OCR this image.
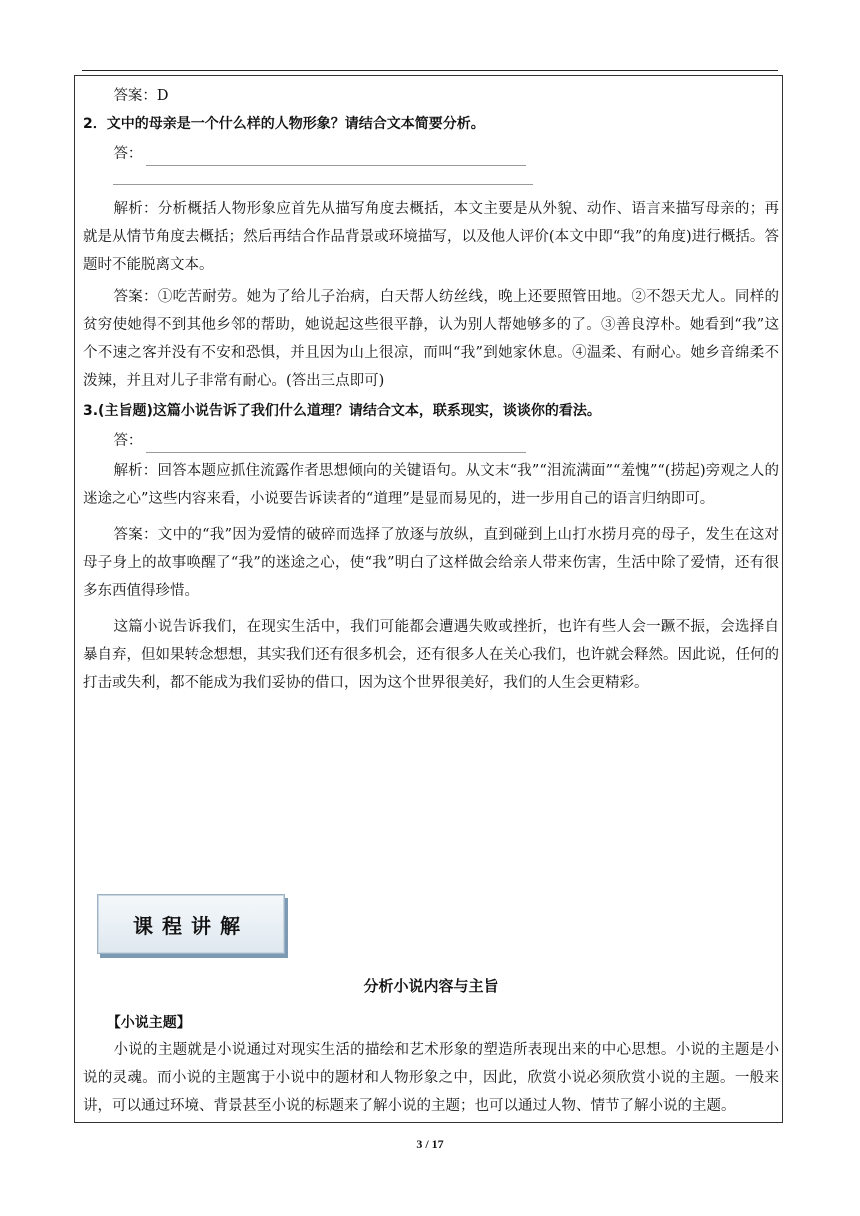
答案：D

2．文中的母亲是一个什么样的人物形象？请结合文本简要分析。

答：

解析：分析概括人物形象应首先从描写角度去概括，本文主要是从外貌、动作、语言来描写母亲的；再就是从情节角度去概括；然后再结合作品背景或环境描写，以及他人评价(本文中即“我”的角度)进行概括。答题时不能脱离文本。

答案：①吃苦耐劳。她为了给儿子治病，白天帮人纺丝线，晚上还要照管田地。②不怨天尤人。同样的贫穷使她得不到其他乡邻的帮助，她说起这些很平静，认为别人帮她够多的了。③善良淳朴。她看到“我”这个不速之客并没有不安和恐惧，并且因为山上很凉，而叫“我”到她家休息。④温柔、有耐心。她乡音绵柔不泼辣，并且对儿子非常有耐心。(答出三点即可)

3.(主旨题)这篇小说告诉了我们什么道理？请结合文本，联系现实，谈谈你的看法。

答：

解析：回答本题应抓住流露作者思想倾向的关键语句。从文末“我”“泪流满面”“羞愧”“(捞起)旁观之人的迷途之心”这些内容来看，小说要告诉读者的“道理”是显而易见的，进一步用自己的语言归纳即可。

答案：文中的“我”因为爱情的破碎而选择了放逐与放纵，直到碰到上山打水捞月亮的母子，发生在这对母子身上的故事唤醒了“我”的迷途之心，使“我”明白了这样做会给亲人带来伤害，生活中除了爱情，还有很多东西值得珍惜。

这篇小说告诉我们，在现实生活中，我们可能都会遭遇失败或挫折，也许有些人会一蹶不振，会选择自暴自弃，但如果转念想想，其实我们还有很多机会，还有很多人在关心我们，也许就会释然。因此说，任何的打击或失利，都不能成为我们妥协的借口，因为这个世界很美好，我们的人生会更精彩。

课程讲解
分析小说内容与主旨

【小说主题】

小说的主题就是小说通过对现实生活的描绘和艺术形象的塑造所表现出来的中心思想。小说的主题是小说的灵魂。而小说的主题寓于小说中的题材和人物形象之中，因此，欣赏小说必须欣赏小说的主题。一般来讲，可以通过环境、背景甚至小说的标题来了解小说的主题；也可以通过人物、情节了解小说的主题。

3 / 17
